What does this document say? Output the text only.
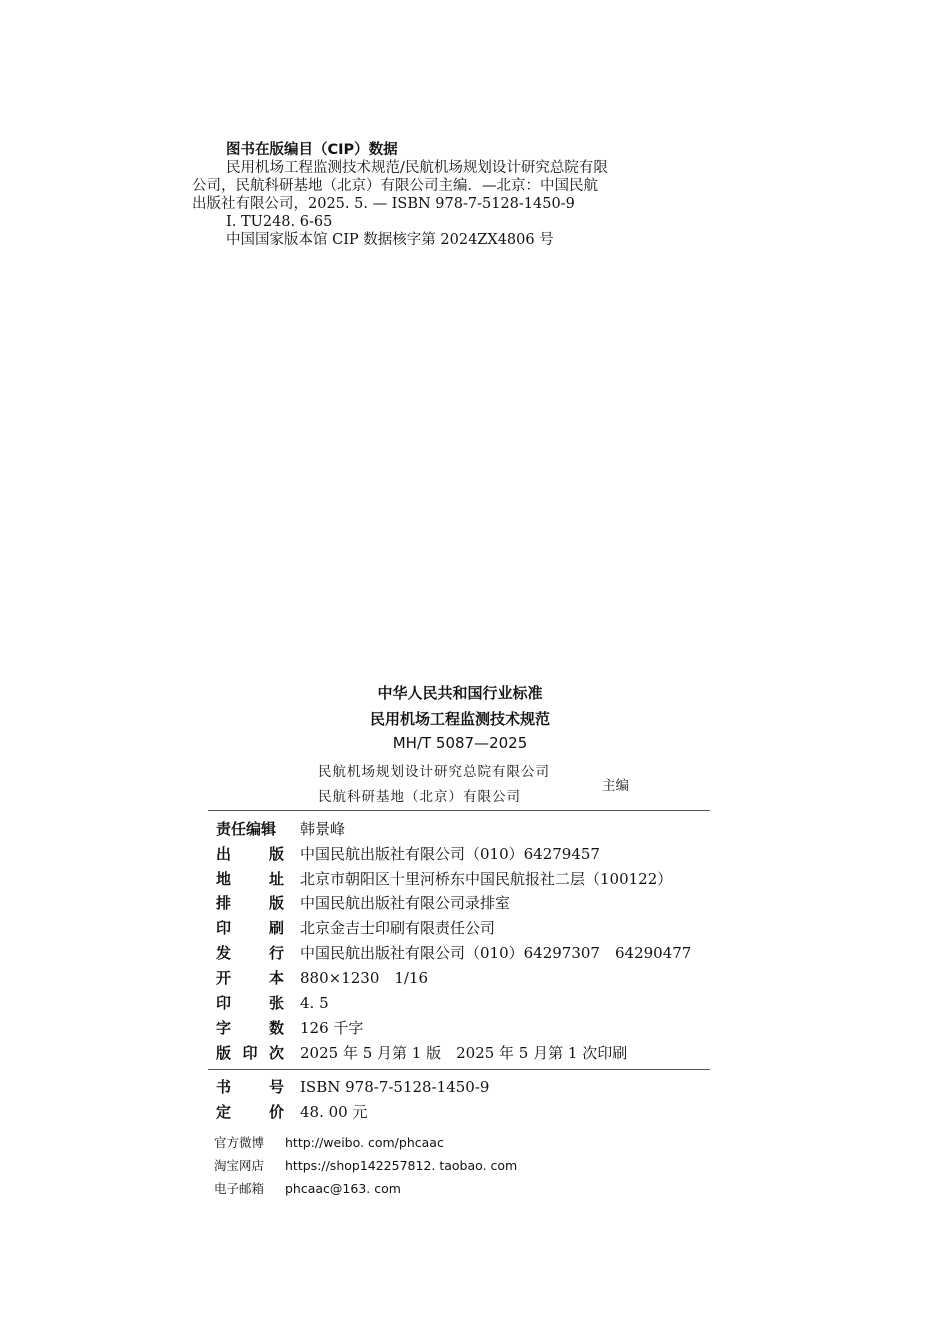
图书在版编目（CIP）数据
民用机场工程监测技术规范/民航机场规划设计研究总院有限
公司，民航科研基地（北京）有限公司主编．—北京：中国民航
出版社有限公司，2025. 5. — ISBN 978-7-5128-1450-9
Ⅰ. TU248. 6-65
中国国家版本馆 CIP 数据核字第 2024ZX4806 号
中华人民共和国行业标准
民用机场工程监测技术规范
MH/T 5087—2025
民航机场规划设计研究总院有限公司
民航科研基地（北京）有限公司
主编
责任编辑 韩景峰
出	版 中国民航出版社有限公司（010）64279457
地	址 北京市朝阳区十里河桥东中国民航报社二层（100122）
排	版 中国民航出版社有限公司录排室
印	刷 北京金吉士印刷有限责任公司
发	行 中国民航出版社有限公司（010）64297307　64290477
开	本 880×1230　1/16
印	张 4. 5
字	数 126 千字
版 印 次 2025 年 5 月第 1 版　2025 年 5 月第 1 次印刷
书	号 ISBN 978-7-5128-1450-9
定	价 48. 00 元
官方微博 http://weibo. com/phcaac
淘宝网店 https://shop142257812. taobao. com
电子邮箱 phcaac@163. com
